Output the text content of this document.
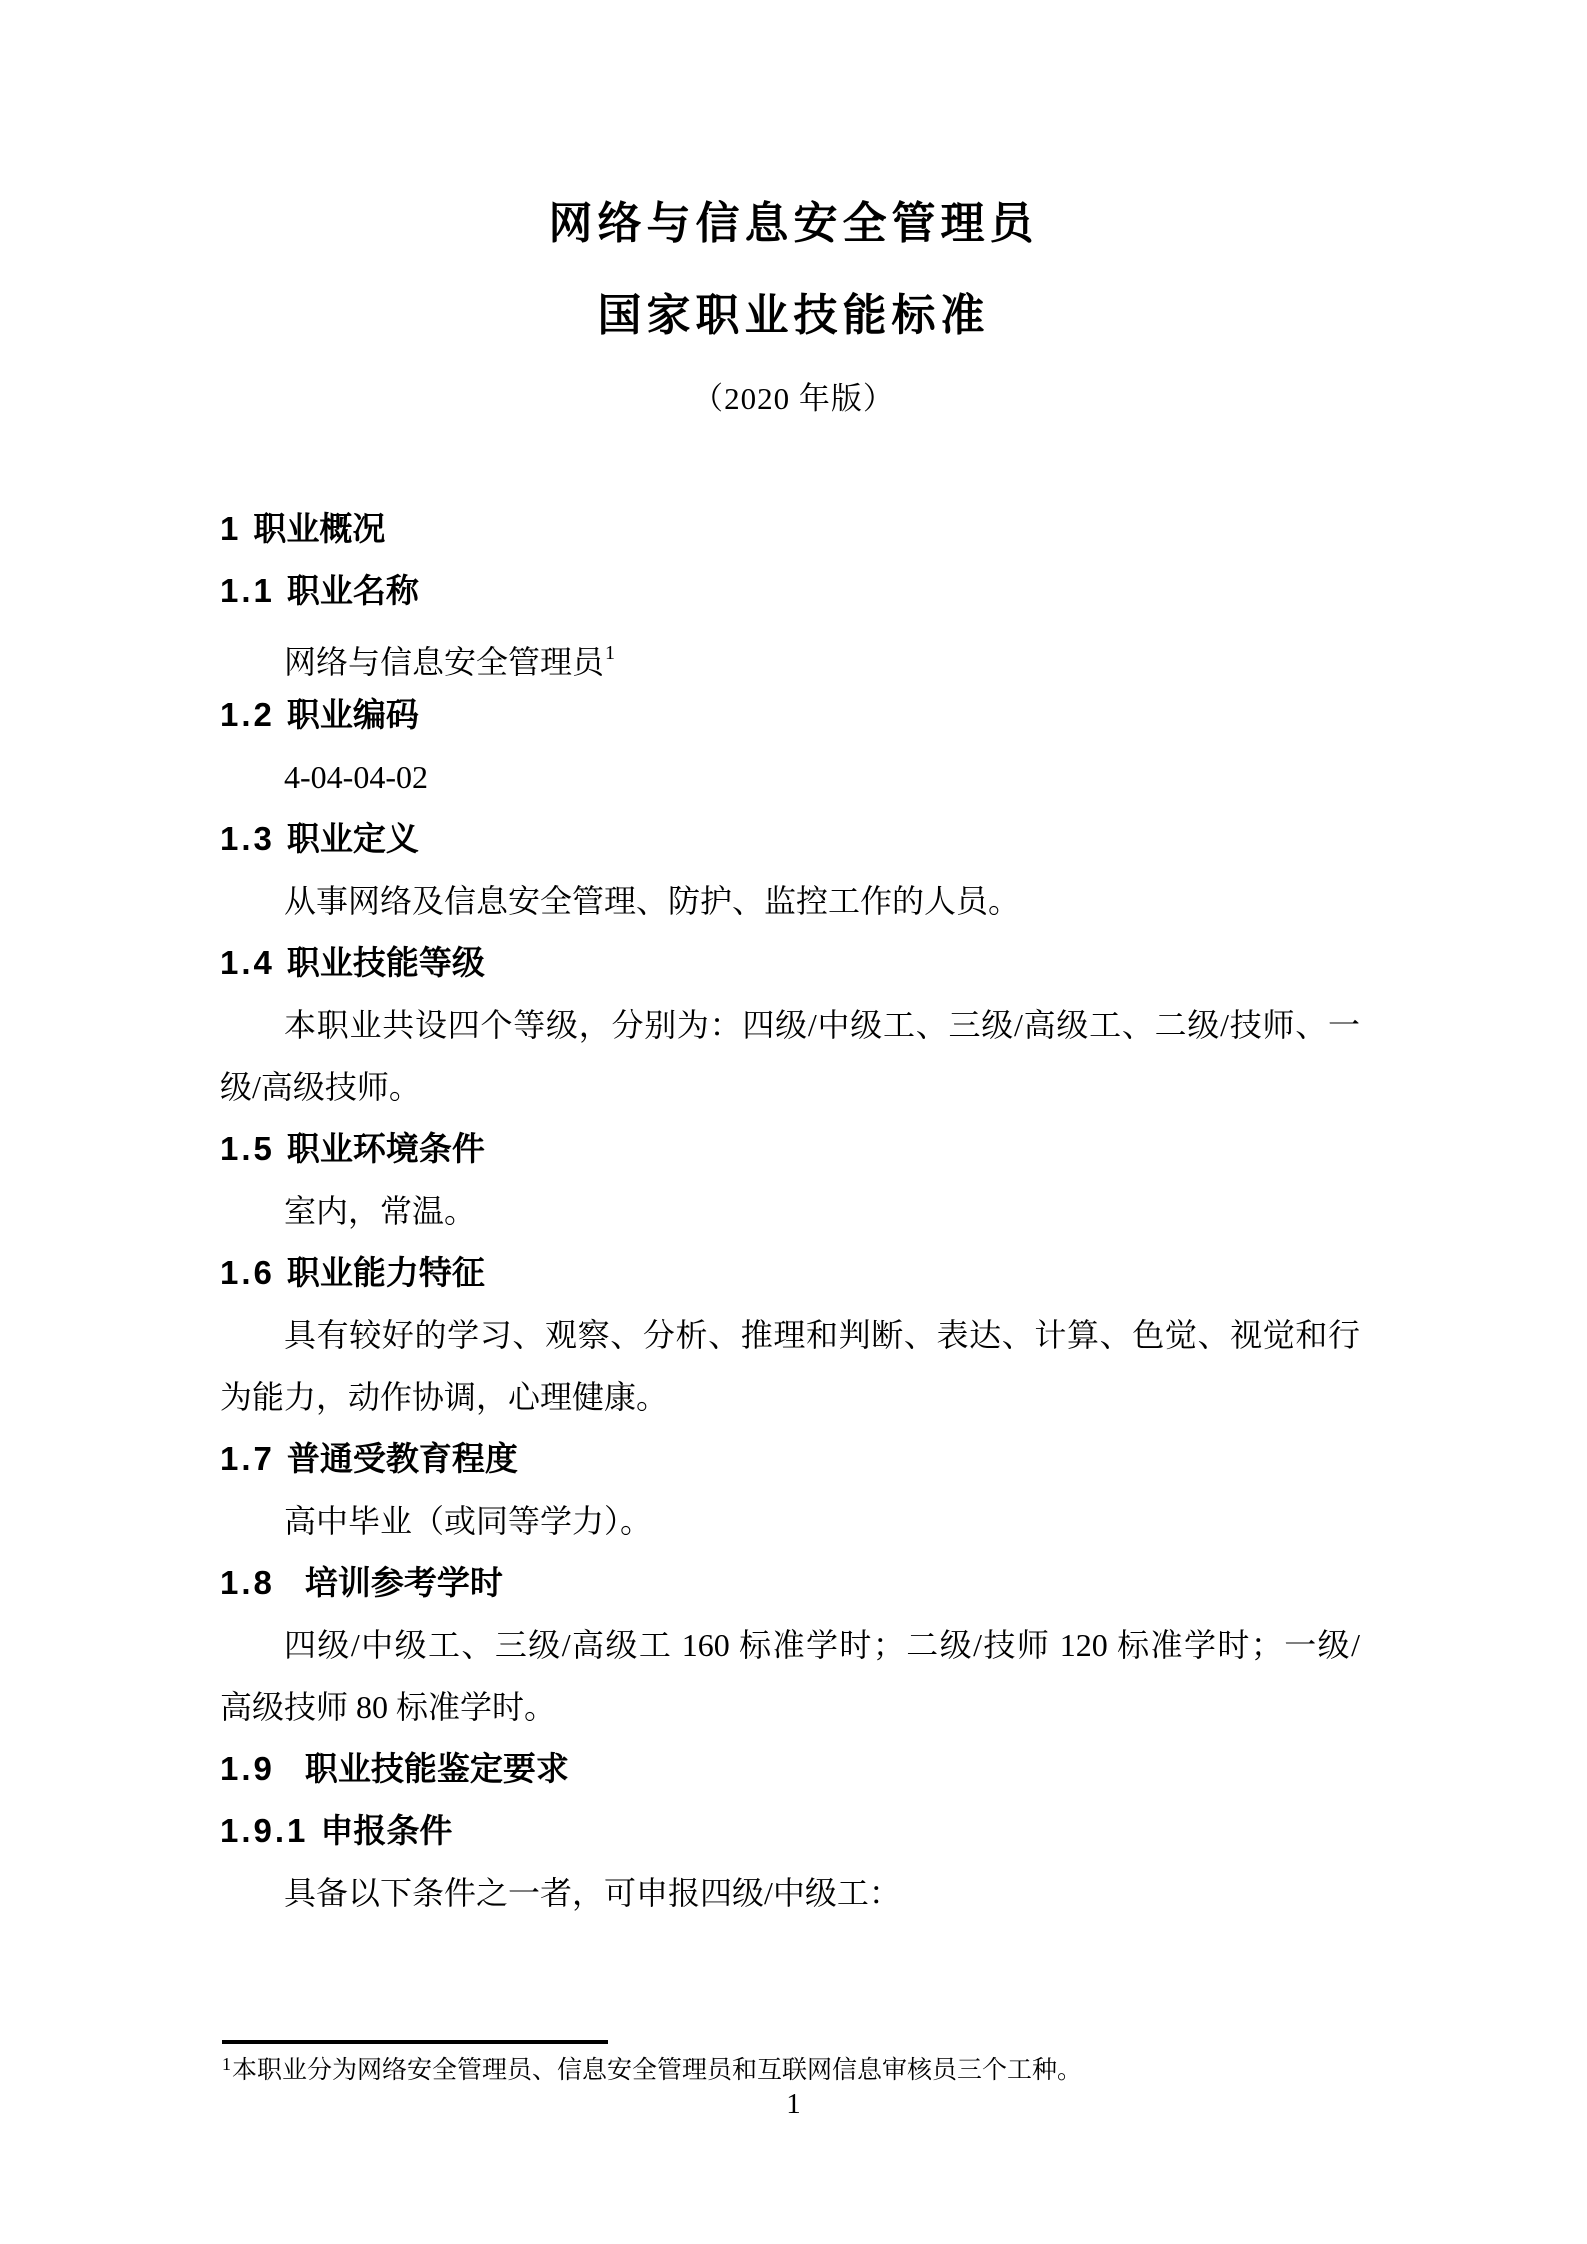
网络与信息安全管理员
国家职业技能标准
（2020 年版）
1 职业概况
1.1 职业名称
网络与信息安全管理员$^1$
1.2 职业编码
4-04-04-02
1.3 职业定义
从事网络及信息安全管理、防护、监控工作的人员。
1.4 职业技能等级
本职业共设四个等级，分别为：四级/中级工、三级/高级工、二级/技师、一
级/高级技师。
1.5 职业环境条件
室内，常温。
1.6 职业能力特征
具有较好的学习、观察、分析、推理和判断、表达、计算、色觉、视觉和行
为能力，动作协调，心理健康。
1.7 普通受教育程度
高中毕业（或同等学力）。
1.8 培训参考学时
四级/中级工、三级/高级工 160 标准学时；二级/技师 120 标准学时；一级/
高级技师 80 标准学时。
1.9 职业技能鉴定要求
1.9.1 申报条件
具备以下条件之一者，可申报四级/中级工：
$^1$本职业分为网络安全管理员、信息安全管理员和互联网信息审核员三个工种。
1
